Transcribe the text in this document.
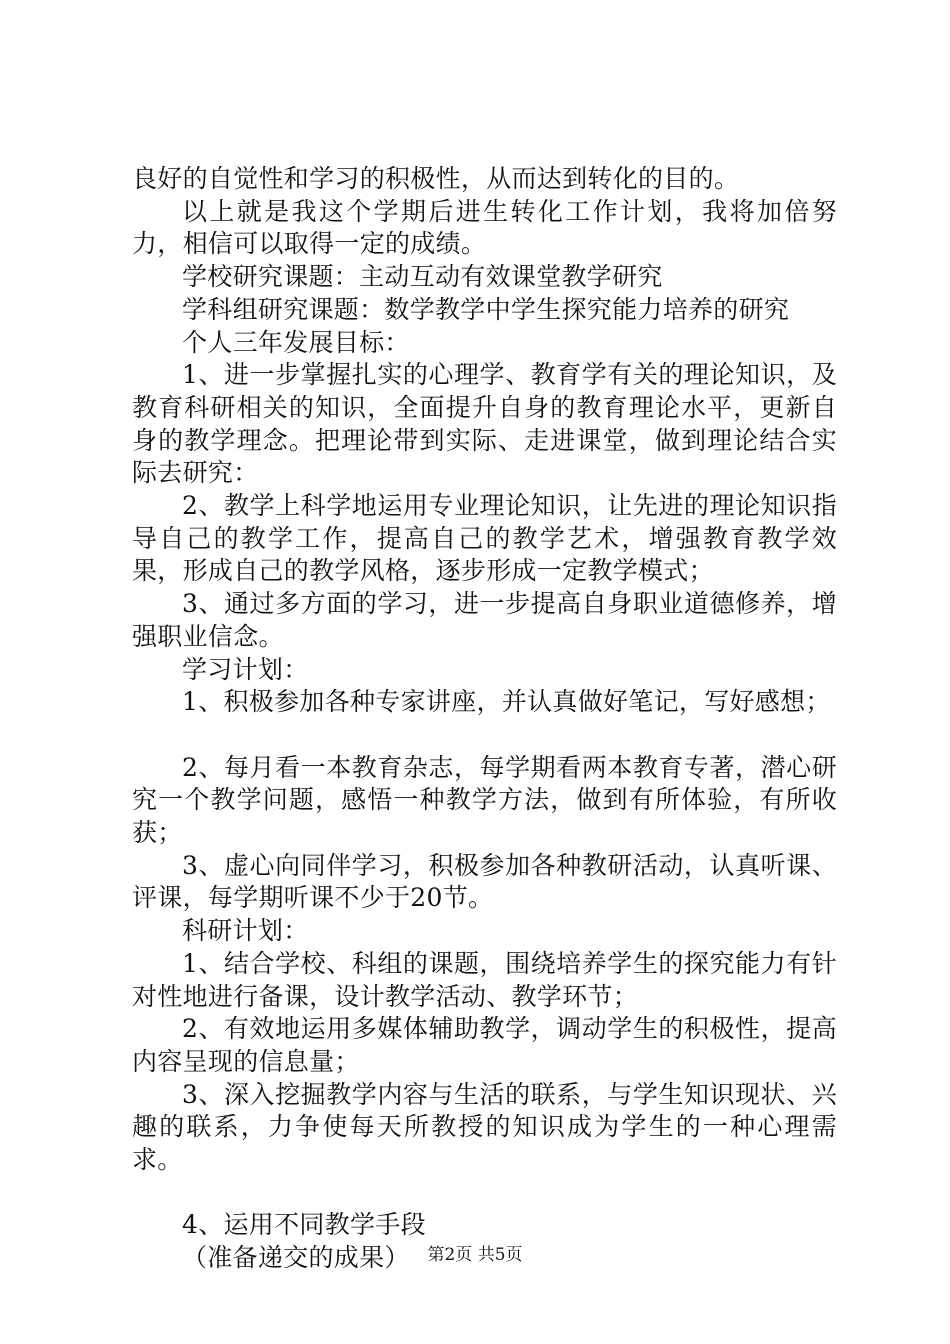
良好的自觉性和学习的积极性，从而达到转化的目的。

以上就是我这个学期后进生转化工作计划，我将加倍努力，相信可以取得一定的成绩。

学校研究课题：主动互动有效课堂教学研究

学科组研究课题：数学教学中学生探究能力培养的研究

个人三年发展目标：

1、进一步掌握扎实的心理学、教育学有关的理论知识，及教育科研相关的知识，全面提升自身的教育理论水平，更新自身的教学理念。把理论带到实际、走进课堂，做到理论结合实际去研究：

2、教学上科学地运用专业理论知识，让先进的理论知识指导自己的教学工作，提高自己的教学艺术，增强教育教学效果，形成自己的教学风格，逐步形成一定教学模式；

3、通过多方面的学习，进一步提高自身职业道德修养，增强职业信念。

学习计划：

1、积极参加各种专家讲座，并认真做好笔记，写好感想；

2、每月看一本教育杂志，每学期看两本教育专著，潜心研究一个教学问题，感悟一种教学方法，做到有所体验，有所收获；

3、虚心向同伴学习，积极参加各种教研活动，认真听课、评课，每学期听课不少于20节。

科研计划：

1、结合学校、科组的课题，围绕培养学生的探究能力有针对性地进行备课，设计教学活动、教学环节；

2、有效地运用多媒体辅助教学，调动学生的积极性，提高内容呈现的信息量；

3、深入挖掘教学内容与生活的联系，与学生知识现状、兴趣的联系，力争使每天所教授的知识成为学生的一种心理需求。

4、运用不同教学手段

（准备递交的成果）	第2页 共5页
